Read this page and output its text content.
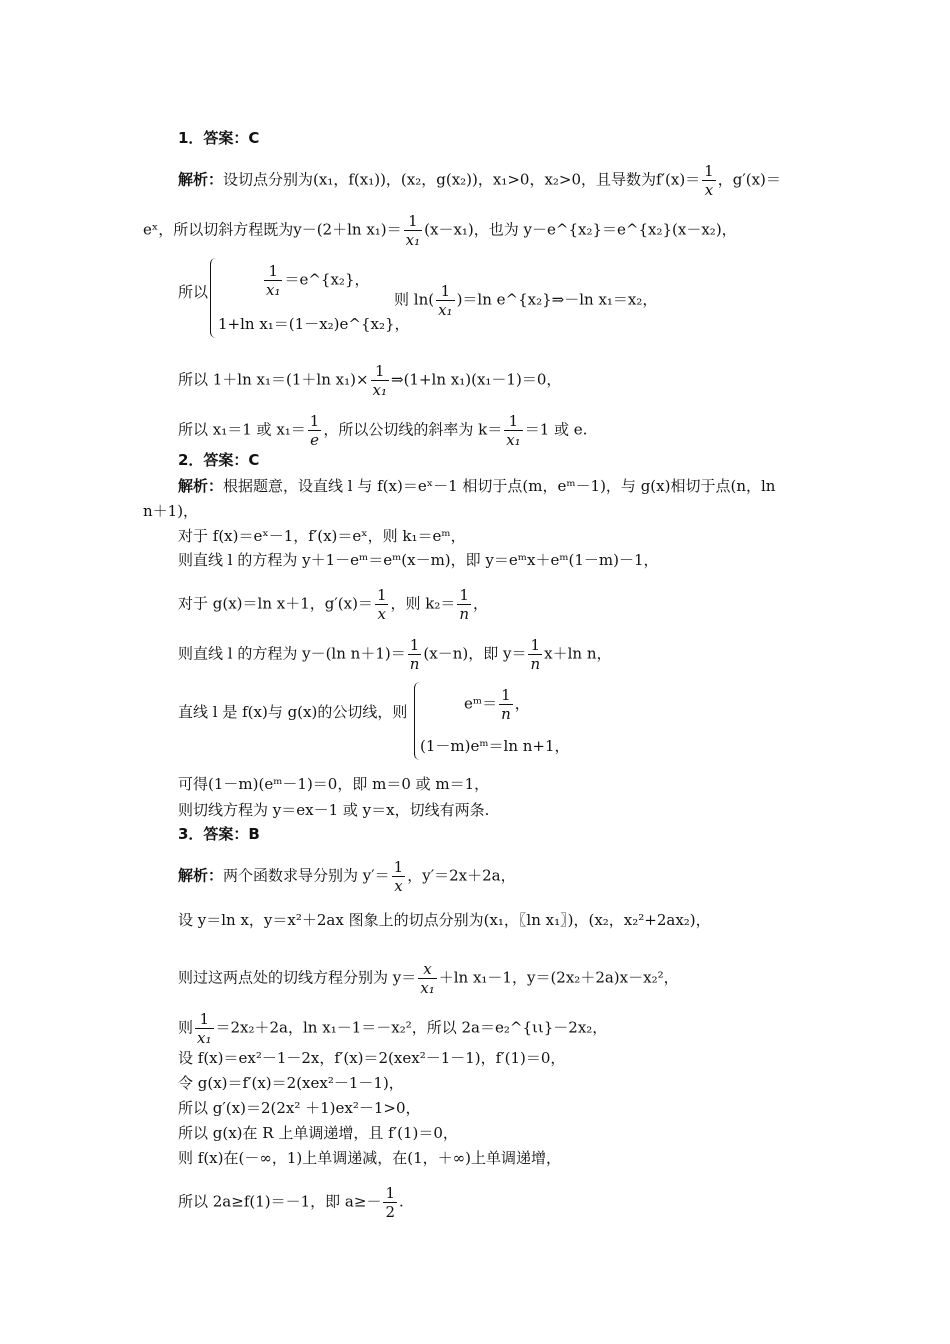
1．答案：C
解析：设切点分别为(x₁，f(x₁))，(x₂，g(x₂))，x₁>0，x₂>0，且导数为$f'(x)= \frac{1}{x}$ ，g′(x)＝
eˣ，所以切斜方程既为y－(2＋ln $x_1)= \frac{1}{\text{x₁}} (x-x_1)$，也为 y－e^{x₂}＝e^{x₂}(x－x₂)，
所以	$\frac{1}{\text{x₁}}$ ＝e^{x₂}，
1+ln x₁＝(1－x₂)e^{x₂}，
则 $\ln( \frac{1}{\text{x₁}} )=\ln$ e^{x₂}⇒－ln x₁＝x₂，
所以 1＋ln x₁＝(1＋ln $x_1)\times \frac{1}{\text{x₁}}$ ⇒(1+ln x₁)(x₁－1)＝0，
所以 x₁＝1 或 $x_1= \frac{1}{e}$ ，所以公切线的斜率为 $k= \frac{1}{\text{x₁}} =1$ 或 e.
2．答案：C
解析：根据题意，设直线 l 与 f(x)＝eˣ－1 相切于点(m，eᵐ－1)，与 g(x)相切于点(n，ln
n＋1)，
对于 f(x)＝eˣ－1，f′(x)＝eˣ，则 k₁＝eᵐ，
则直线 l 的方程为 y＋1－eᵐ＝eᵐ(x－m)，即 y＝eᵐx＋eᵐ(1－m)－1，
对于 g(x)＝ln x＋1，$g'(x)= \frac{1}{x}$ ，则 $k_2= \frac{1}{n}$ ，
则直线 l 的方程为 y－(ln $n+1)= \frac{1}{n} (x-n)$，即 $y= \frac{1}{n} x+\ln$ n，
直线 l 是 f(x)与 g(x)的公切线，则	eᵐ＝ $\frac{1}{n}$ ，
(1－m)eᵐ＝ln n+1，
可得(1－m)(eᵐ－1)＝0，即 m＝0 或 m＝1，
则切线方程为 y＝ex－1 或 y＝x，切线有两条.
3．答案：B
解析：两个函数求导分别为 $y'= \frac{1}{x}$ ，y′＝2x＋2a，
设 y＝ln x，y＝x²＋2ax 图象上的切点分别为(x₁，〖ln x₁〗)，(x₂，x₂²+2ax₂)，
则过这两点处的切线方程分别为 $y= \frac{x}{\text{x₁}} +\ln$ x₁－1，y＝(2x₂＋2a)x－x₂²，
则 $\frac{1}{\text{x₁}} =2x_2+2a$，ln x₁－1＝－x₂²，所以 2a＝e₂^{ιι}－2x₂，
设 f(x)＝ex²－1－2x，f′(x)＝2(xex²－1－1)，f′(1)＝0，
令 g(x)＝f′(x)＝2(xex²－1－1)，
所以 g′(x)＝2(2x² ＋1)ex²－1>0，
所以 g(x)在 R 上单调递增，且 f′(1)＝0，
则 f(x)在(－∞，1)上单调递减，在(1，＋∞)上单调递增，
所以 2a≥f(1)＝－1，即 $a\ge- \frac{1}{2}$ .
